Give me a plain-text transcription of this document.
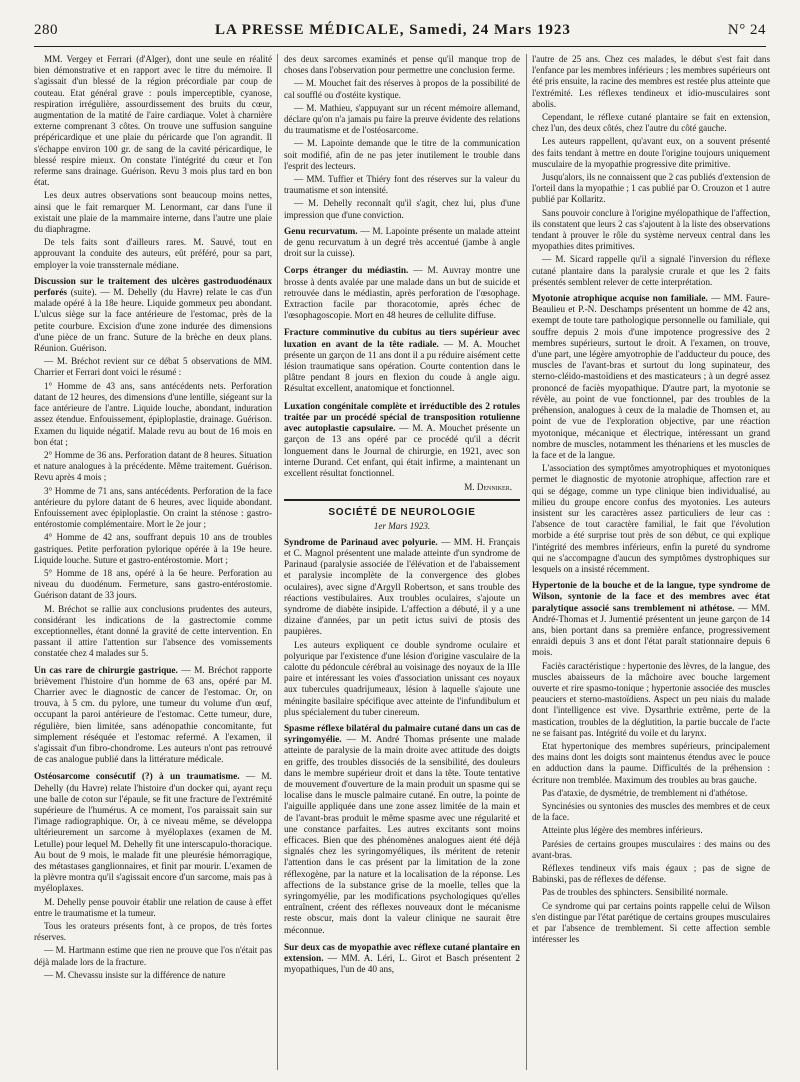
280	LA PRESSE MÉDICALE, Samedi, 24 Mars 1923	N° 24
MM. Vergey et Ferrari (d'Alger), dont une seule en réalité bien démonstrative et en rapport avec le titre du mémoire. Il s'agissait d'un blessé de la région précordiale par coup de couteau. Etat général grave : pouls imperceptible, cyanose, respiration irrégulière, assourdissement des bruits du cœur, augmentation de la matité de l'aire cardiaque. Volet à charnière externe comprenant 3 côtes. On trouve une suffusion sanguine prépéricardique et une plaie du péricarde que l'on agrandit. Il s'échappe environ 100 gr. de sang de la cavité péricardique, le blessé respire mieux. On constate l'intégrité du cœur et l'on referme sans drainage. Guérison. Revu 3 mois plus tard en bon état.
Les deux autres observations sont beaucoup moins nettes, ainsi que le fait remarquer M. Lenormant, car dans l'une il existait une plaie de la mammaire interne, dans l'autre une plaie du diaphragme.
De tels faits sont d'ailleurs rares. M. Sauvé, tout en approuvant la conduite des auteurs, eût préféré, pour sa part, employer la voie transsternale médiane.
Discussion sur le traitement des ulcères gastroduodénaux perforés (suite). — M. Dehelly (du Havre) relate le cas d'un malade opéré à la 18e heure. Liquide gommeux peu abondant. L'ulcus siège sur la face antérieure de l'estomac, près de la petite courbure. Excision d'une zone indurée des dimensions d'une pièce de un franc. Suture de la brèche en deux plans. Réunion. Guérison.
— M. Bréchot revient sur ce débat 5 observations de MM. Charrier et Ferrari dont voici le résumé :
1° Homme de 43 ans, sans antécédents nets. Perforation datant de 12 heures, des dimensions d'une lentille, siégeant sur la face antérieure de l'antre. Liquide louche, abondant, induration assez étendue. Enfouissement, épiploplastie, drainage. Guérison. Examen du liquide négatif. Malade revu au bout de 16 mois en bon état ;
2° Homme de 36 ans. Perforation datant de 8 heures. Situation et nature analogues à la précédente. Même traitement. Guérison. Revu après 4 mois ;
3° Homme de 71 ans, sans antécédents. Perforation de la face antérieure du pylore datant de 6 heures, avec liquide abondant. Enfouissement avec épiploplastie. On craint la sténose : gastro-entérostomie complémentaire. Mort le 2e jour ;
4° Homme de 42 ans, souffrant depuis 10 ans de troubles gastriques. Petite perforation pylorique opérée à la 19e heure. Liquide louche. Suture et gastro-entérostomie. Mort ;
5° Homme de 18 ans, opéré à la 6e heure. Perforation au niveau du duodénum. Fermeture, sans gastro-entérostomie. Guérison datant de 33 jours.
M. Bréchot se rallie aux conclusions prudentes des auteurs, considérant les indications de la gastrectomie comme exceptionnelles, étant donné la gravité de cette intervention. En passant il attire l'attention sur l'absence des vomissements constatée chez 4 malades sur 5.
Un cas rare de chirurgie gastrique. — M. Bréchot rapporte brièvement l'histoire d'un homme de 63 ans, opéré par M. Charrier avec le diagnostic de cancer de l'estomac. Or, on trouva, à 5 cm. du pylore, une tumeur du volume d'un œuf, occupant la paroi antérieure de l'estomac. Cette tumeur, dure, régulière, bien limitée, sans adénopathie concomitante, fut simplement réséquée et l'estomac refermé. A l'examen, il s'agissait d'un fibro-chondrome. Les auteurs n'ont pas retrouvé de cas analogue publié dans la littérature médicale.
Ostéosarcome consécutif (?) à un traumatisme. — M. Dehelly (du Havre) relate l'histoire d'un docker qui, ayant reçu une balle de coton sur l'épaule, se fit une fracture de l'extrémité supérieure de l'humérus. A ce moment, l'os paraissait sain sur l'image radiographique. Or, à ce niveau même, se développa ultérieurement un sarcome à myéloplaxes (examen de M. Letulle) pour lequel M. Dehelly fit une interscapulo-thoracique. Au bout de 9 mois, le malade fit une pleurésie hémorragique, des métastases ganglionnaires, et finit par mourir. L'examen de la plèvre montra qu'il s'agissait encore d'un sarcome, mais pas à myéloplaxes.
M. Dehelly pense pouvoir établir une relation de cause à effet entre le traumatisme et la tumeur.
Tous les orateurs présents font, à ce propos, de très fortes réserves.
— M. Hartmann estime que rien ne prouve que l'os n'était pas déjà malade lors de la fracture.
— M. Chevassu insiste sur la différence de nature
des deux sarcomes examinés et pense qu'il manque trop de choses dans l'observation pour permettre une conclusion ferme.
— M. Mouchet fait des réserves à propos de la possibilité de cal soufflé ou d'ostéite kystique.
— M. Mathieu, s'appuyant sur un récent mémoire allemand, déclare qu'on n'a jamais pu faire la preuve évidente des relations du traumatisme et de l'ostéosarcome.
— M. Lapointe demande que le titre de la communication soit modifié, afin de ne pas jeter inutilement le trouble dans l'esprit des lecteurs.
— MM. Tuffier et Thiéry font des réserves sur la valeur du traumatisme et son intensité.
— M. Dehelly reconnaît qu'il s'agit, chez lui, plus d'une impression que d'une conviction.
Genu recurvatum. — M. Lapointe présente un malade atteint de genu recurvatum à un degré très accentué (jambe à angle droit sur la cuisse).
Corps étranger du médiastin. — M. Auvray montre une brosse à dents avalée par une malade dans un but de suicide et retrouvée dans le médiastin, après perforation de l'œsophage. Extraction facile par thoracotomie, après échec de l'œsophagoscopie. Mort en 48 heures de cellulite diffuse.
Fracture comminutive du cubitus au tiers supérieur avec luxation en avant de la tête radiale. — M. A. Mouchet présente un garçon de 11 ans dont il a pu réduire aisément cette lésion traumatique sans opération. Courte contention dans le plâtre pendant 8 jours en flexion du coude à angle aigu. Résultat excellent, anatomique et fonctionnel.
Luxation congénitale complète et irréductible des 2 rotules traitée par un procédé spécial de transposition rotulienne avec autoplastie capsulaire. — M. A. Mouchet présente un garçon de 13 ans opéré par ce procédé qu'il a décrit longuement dans le Journal de chirurgie, en 1921, avec son interne Durand. Cet enfant, qui était infirme, a maintenant un excellent résultat fonctionnel.
M. Denniker.
SOCIÉTÉ DE NEUROLOGIE
1er Mars 1923.
Syndrome de Parinaud avec polyurie. — MM. H. Français et C. Magnol présentent une malade atteinte d'un syndrome de Parinaud (paralysie associée de l'élévation et de l'abaissement et paralysie incomplète de la convergence des globes oculaires), avec signe d'Argyll Robertson, et sans trouble des réactions vestibulaires. Aux troubles oculaires, s'ajoute un syndrome de diabète insipide. L'affection a débuté, il y a une dizaine d'années, par un petit ictus suivi de ptosis des paupières.
Les auteurs expliquent ce double syndrome oculaire et polyurique par l'existence d'une lésion d'origine vasculaire de la calotte du pédoncule cérébral au voisinage des noyaux de la IIIe paire et intéressant les voies d'association unissant ces noyaux aux tubercules quadrijumeaux, lésion à laquelle s'ajoute une méningite basilaire spécifique avec atteinte de l'infundibulum et plus spécialement du tuber cinereum.
Spasme réflexe bilatéral du palmaire cutané dans un cas de syringomyélie. — M. André Thomas présente une malade atteinte de paralysie de la main droite avec attitude des doigts en griffe, des troubles dissociés de la sensibilité, des douleurs dans le membre supérieur droit et dans la tête. Toute tentative de mouvement d'ouverture de la main produit un spasme qui se localise dans le muscle palmaire cutané. En outre, la pointe de l'aiguille appliquée dans une zone assez limitée de la main et de l'avant-bras produit le même spasme avec une régularité et une constance parfaites. Les autres excitants sont moins efficaces. Bien que des phénomènes analogues aient été déjà signalés chez les syringomyéliques, ils méritent de retenir l'attention dans le cas présent par la limitation de la zone réflexogène, par la nature et la localisation de la réponse. Les affections de la substance grise de la moelle, telles que la syringomyélie, par les modifications psychologiques qu'elles entraînent, créent des réflexes nouveaux dont le mécanisme reste obscur, mais dont la valeur clinique ne saurait être méconnue.
Sur deux cas de myopathie avec réflexe cutané plantaire en extension. — MM. A. Léri, L. Girot et Basch présentent 2 myopathiques, l'un de 40 ans,
l'autre de 25 ans. Chez ces malades, le début s'est fait dans l'enfance par les membres inférieurs ; les membres supérieurs ont été pris ensuite, la racine des membres est restée plus atteinte que l'extrémité. Les réflexes tendineux et idio-musculaires sont abolis.
Cependant, le réflexe cutané plantaire se fait en extension, chez l'un, des deux côtés, chez l'autre du côté gauche.
Les auteurs rappellent, qu'avant eux, on a souvent présenté des faits tendant à mettre en doute l'origine toujours uniquement musculaire de la myopathie progressive dite primitive.
Jusqu'alors, ils ne connaissent que 2 cas publiés d'extension de l'orteil dans la myopathie ; 1 cas publié par O. Crouzon et 1 autre publié par Kollaritz.
Sans pouvoir conclure à l'origine myélopathique de l'affection, ils constatent que leurs 2 cas s'ajoutent à la liste des observations tendant à prouver le rôle du système nerveux central dans les myopathies dites primitives.
— M. Sicard rappelle qu'il a signalé l'inversion du réflexe cutané plantaire dans la paralysie crurale et que les 2 faits présentés semblent relever de cette interprétation.
Myotonie atrophique acquise non familiale. — MM. Faure-Beaulieu et P.-N. Deschamps présentent un homme de 42 ans, exempt de toute tare pathologique personnelle ou familiale, qui souffre depuis 2 mois d'une impotence progressive des 2 membres supérieurs, surtout le droit. A l'examen, on trouve, d'une part, une légère amyotrophie de l'adducteur du pouce, des muscles de l'avant-bras et surtout du long supinateur, des sterno-cléido-mastoïdiens et des masticateurs ; à un degré assez prononcé de faciès myopathique. D'autre part, la myotonie se révèle, au point de vue fonctionnel, par des troubles de la préhension, analogues à ceux de la maladie de Thomsen et, au point de vue de l'exploration objective, par une réaction myotonique, mécanique et électrique, intéressant un grand nombre de muscles, notamment les thénariens et les muscles de la face et de la langue.
L'association des symptômes amyotrophiques et myotoniques permet le diagnostic de myotonie atrophique, affection rare et qui se dégage, comme un type clinique bien individualisé, au milieu du groupe encore confus des myotonies. Les auteurs insistent sur les caractères assez particuliers de leur cas : l'absence de tout caractère familial, le fait que l'évolution morbide a été surprise tout près de son début, ce qui explique l'intégrité des membres inférieurs, enfin la pureté du syndrome qui ne s'accompagne d'aucun des symptômes dystrophiques sur lesquels on a insisté récemment.
Hypertonie de la bouche et de la langue, type syndrome de Wilson, syntonie de la face et des membres avec état paralytique associé sans tremblement ni athétose. — MM. André-Thomas et J. Jumentié présentent un jeune garçon de 14 ans, bien portant dans sa première enfance, progressivement enraidi depuis 3 ans et dont l'état paraît stationnaire depuis 6 mois.
Faciès caractéristique : hypertonie des lèvres, de la langue, des muscles abaisseurs de la mâchoire avec bouche largement ouverte et rire spasmo-tonique ; hypertonie associée des muscles peauciers et sterno-mastoïdiens. Aspect un peu niais du malade dont l'intelligence est vive. Dysarthrie extrême, perte de la mastication, troubles de la déglutition, la partie buccale de l'acte ne se faisant pas. Intégrité du voile et du larynx.
Etat hypertonique des membres supérieurs, principalement des mains dont les doigts sont maintenus étendus avec le pouce en adduction dans la paume. Difficultés de la préhension : écriture non tremblée. Maximum des troubles au bras gauche.
Pas d'ataxie, de dysmétrie, de tremblement ni d'athétose.
Syncinésies ou syntonies des muscles des membres et de ceux de la face.
Atteinte plus légère des membres inférieurs.
Parésies de certains groupes musculaires : des mains ou des avant-bras.
Réflexes tendineux vifs mais égaux ; pas de signe de Babinski, pas de réflexes de défense.
Pas de troubles des sphincters. Sensibilité normale.
Ce syndrome qui par certains points rappelle celui de Wilson s'en distingue par l'état parétique de certains groupes musculaires et par l'absence de tremblement. Si cette affection semble intéresser les
